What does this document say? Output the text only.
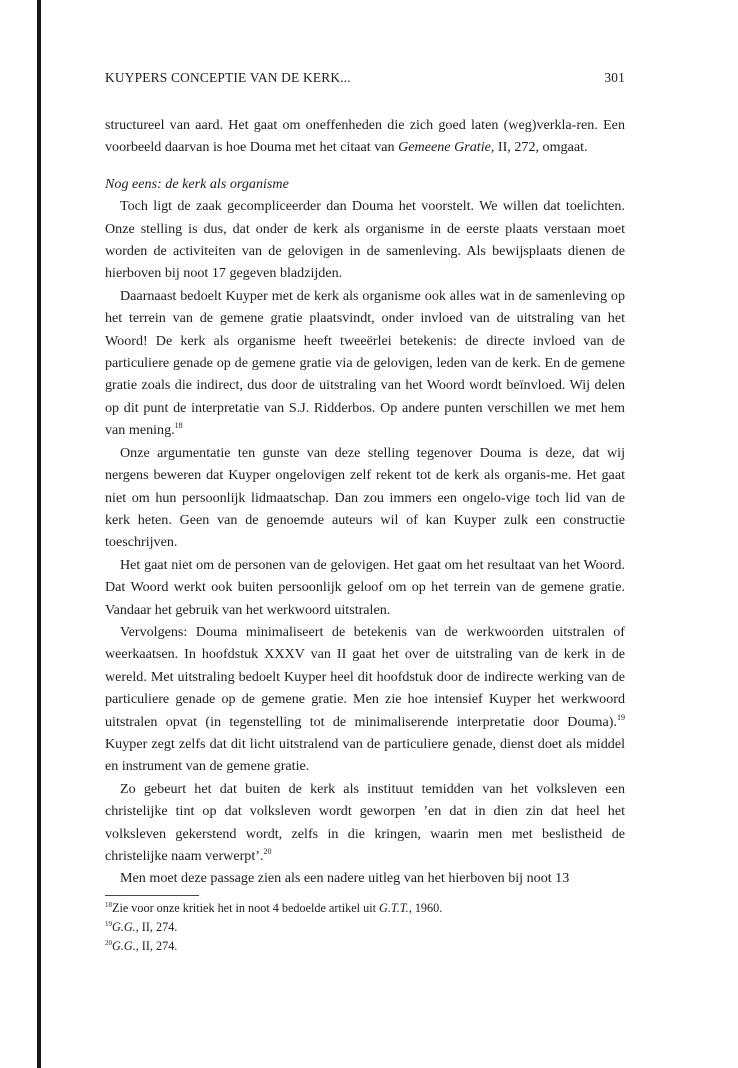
KUYPERS CONCEPTIE VAN DE KERK...	301

structureel van aard. Het gaat om oneffenheden die zich goed laten (weg)verkla-ren. Een voorbeeld daarvan is hoe Douma met het citaat van Gemeene Gratie, II, 272, omgaat.

Nog eens: de kerk als organisme

Toch ligt de zaak gecompliceerder dan Douma het voorstelt. We willen dat toelichten. Onze stelling is dus, dat onder de kerk als organisme in de eerste plaats verstaan moet worden de activiteiten van de gelovigen in de samenleving. Als bewijsplaats dienen de hierboven bij noot 17 gegeven bladzijden.

Daarnaast bedoelt Kuyper met de kerk als organisme ook alles wat in de samenleving op het terrein van de gemene gratie plaatsvindt, onder invloed van de uitstraling van het Woord! De kerk als organisme heeft tweeërlei betekenis: de directe invloed van de particuliere genade op de gemene gratie via de gelovigen, leden van de kerk. En de gemene gratie zoals die indirect, dus door de uitstraling van het Woord wordt beïnvloed. Wij delen op dit punt de interpretatie van S.J. Ridderbos. Op andere punten verschillen we met hem van mening.$^{18}$

Onze argumentatie ten gunste van deze stelling tegenover Douma is deze, dat wij nergens beweren dat Kuyper ongelovigen zelf rekent tot de kerk als organis-me. Het gaat niet om hun persoonlijk lidmaatschap. Dan zou immers een ongelo-vige toch lid van de kerk heten. Geen van de genoemde auteurs wil of kan Kuyper zulk een constructie toeschrijven.

Het gaat niet om de personen van de gelovigen. Het gaat om het resultaat van het Woord. Dat Woord werkt ook buiten persoonlijk geloof om op het terrein van de gemene gratie. Vandaar het gebruik van het werkwoord uitstralen.

Vervolgens: Douma minimaliseert de betekenis van de werkwoorden uitstralen of weerkaatsen. In hoofdstuk XXXV van II gaat het over de uitstraling van de kerk in de wereld. Met uitstraling bedoelt Kuyper heel dit hoofdstuk door de indirecte werking van de particuliere genade op de gemene gratie. Men zie hoe intensief Kuyper het werkwoord uitstralen opvat (in tegenstelling tot de minimaliserende interpretatie door Douma).$^{19}$ Kuyper zegt zelfs dat dit licht uitstralend van de particuliere genade, dienst doet als middel en instrument van de gemene gratie.

Zo gebeurt het dat buiten de kerk als instituut temidden van het volksleven een christelijke tint op dat volksleven wordt geworpen ’en dat in dien zin dat heel het volksleven gekerstend wordt, zelfs in die kringen, waarin men met beslistheid de christelijke naam verwerpt’.$^{20}$

Men moet deze passage zien als een nadere uitleg van het hierboven bij noot 13

$^{18}$Zie voor onze kritiek het in noot 4 bedoelde artikel uit G.T.T., 1960.

$^{19}$G.G., II, 274.

$^{20}$G.G., II, 274.
